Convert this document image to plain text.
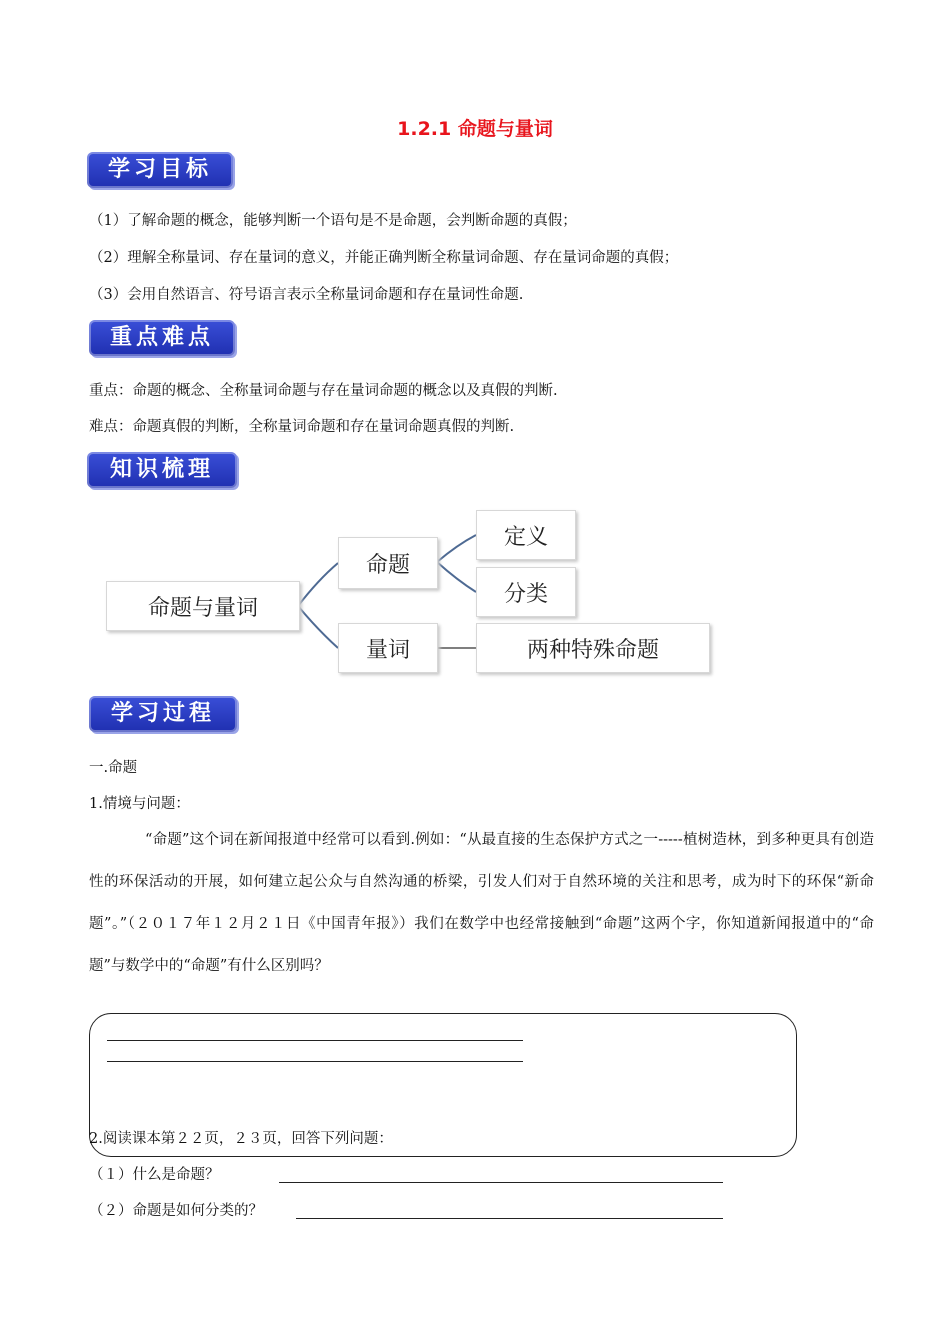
1.2.1 命题与量词
学习目标
（1）了解命题的概念，能够判断一个语句是不是命题，会判断命题的真假；
（2）理解全称量词、存在量词的意义，并能正确判断全称量词命题、存在量词命题的真假；
（3）会用自然语言、符号语言表示全称量词命题和存在量词性命题.
重点难点
重点：命题的概念、全称量词命题与存在量词命题的概念以及真假的判断.
难点：命题真假的判断，全称量词命题和存在量词命题真假的判断.
知识梳理
命题与量词
命题
定义
分类
量词	两种特殊命题
学习过程
一.命题
1.情境与问题：
“命题”这个词在新闻报道中经常可以看到.例如：“从最直接的生态保护方式之一-----植树造林，到多种更具有创造性的环保活动的开展，如何建立起公众与自然沟通的桥梁，引发人们对于自然环境的关注和思考，成为时下的环保“新命题”。”（２０１７年１２月２１日《中国青年报》）我们在数学中也经常接触到“命题”这两个字，你知道新闻报道中的“命题”与数学中的“命题”有什么区别吗？
2.阅读课本第２２页，２３页，回答下列问题：
（１）什么是命题？
（２）命题是如何分类的？
